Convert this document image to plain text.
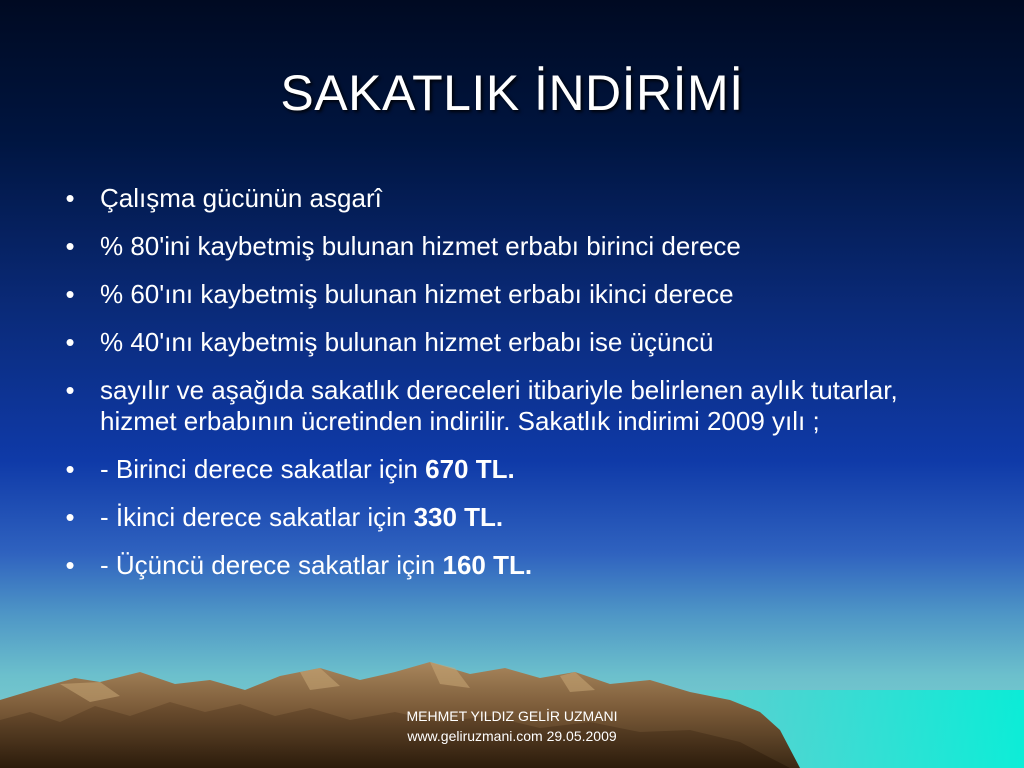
SAKATLIK İNDİRİMİ
• Çalışma gücünün asgarî
• % 80'ini kaybetmiş bulunan hizmet erbabı birinci derece
• % 60'ını kaybetmiş bulunan hizmet erbabı ikinci derece
• % 40'ını kaybetmiş bulunan hizmet erbabı ise üçüncü
• sayılır ve aşağıda sakatlık dereceleri itibariyle belirlenen aylık tutarlar, hizmet erbabının ücretinden indirilir. Sakatlık indirimi 2009 yılı ;
• - Birinci derece sakatlar için 670 TL.
• - İkinci derece sakatlar için 330 TL.
• - Üçüncü derece sakatlar için 160 TL.
MEHMET YILDIZ GELİR UZMANI
www.geliruzmani.com 29.05.2009
